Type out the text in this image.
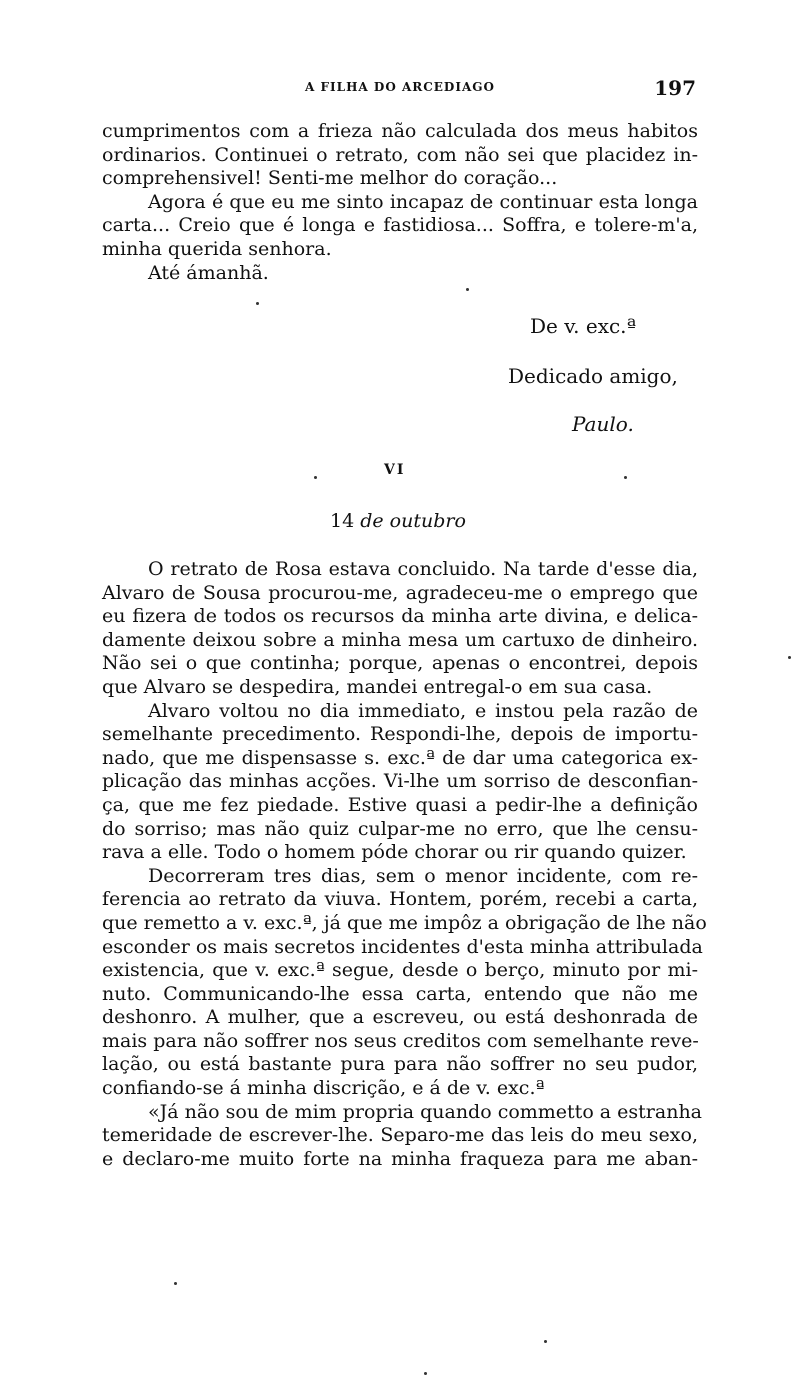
A FILHA DO ARCEDIAGO	197
cumprimentos com a frieza não calculada dos meus habitos
ordinarios. Continuei o retrato, com não sei que placidez in-
comprehensivel! Senti-me melhor do coração...
Agora é que eu me sinto incapaz de continuar esta longa
carta... Creio que é longa e fastidiosa... Soffra, e tolere-m'a,
minha querida senhora.
Até ámanhã.
De v. exc.ª
Dedicado amigo,
Paulo.
VI
14 de outubro
O retrato de Rosa estava concluido. Na tarde d'esse dia,
Alvaro de Sousa procurou-me, agradeceu-me o emprego que
eu fizera de todos os recursos da minha arte divina, e delica-
damente deixou sobre a minha mesa um cartuxo de dinheiro.
Não sei o que continha; porque, apenas o encontrei, depois
que Alvaro se despedira, mandei entregal-o em sua casa.
Alvaro voltou no dia immediato, e instou pela razão de
semelhante precedimento. Respondi-lhe, depois de importu-
nado, que me dispensasse s. exc.ª de dar uma categorica ex-
plicação das minhas acções. Vi-lhe um sorriso de desconfian-
ça, que me fez piedade. Estive quasi a pedir-lhe a definição
do sorriso; mas não quiz culpar-me no erro, que lhe censu-
rava a elle. Todo o homem póde chorar ou rir quando quizer.
Decorreram tres dias, sem o menor incidente, com re-
ferencia ao retrato da viuva. Hontem, porém, recebi a carta,
que remetto a v. exc.ª, já que me impôz a obrigação de lhe não
esconder os mais secretos incidentes d'esta minha attribulada
existencia, que v. exc.ª segue, desde o berço, minuto por mi-
nuto. Communicando-lhe essa carta, entendo que não me
deshonro. A mulher, que a escreveu, ou está deshonrada de
mais para não soffrer nos seus creditos com semelhante reve-
lação, ou está bastante pura para não soffrer no seu pudor,
confiando-se á minha discrição, e á de v. exc.ª
«Já não sou de mim propria quando commetto a estranha
temeridade de escrever-lhe. Separo-me das leis do meu sexo,
e declaro-me muito forte na minha fraqueza para me aban-
